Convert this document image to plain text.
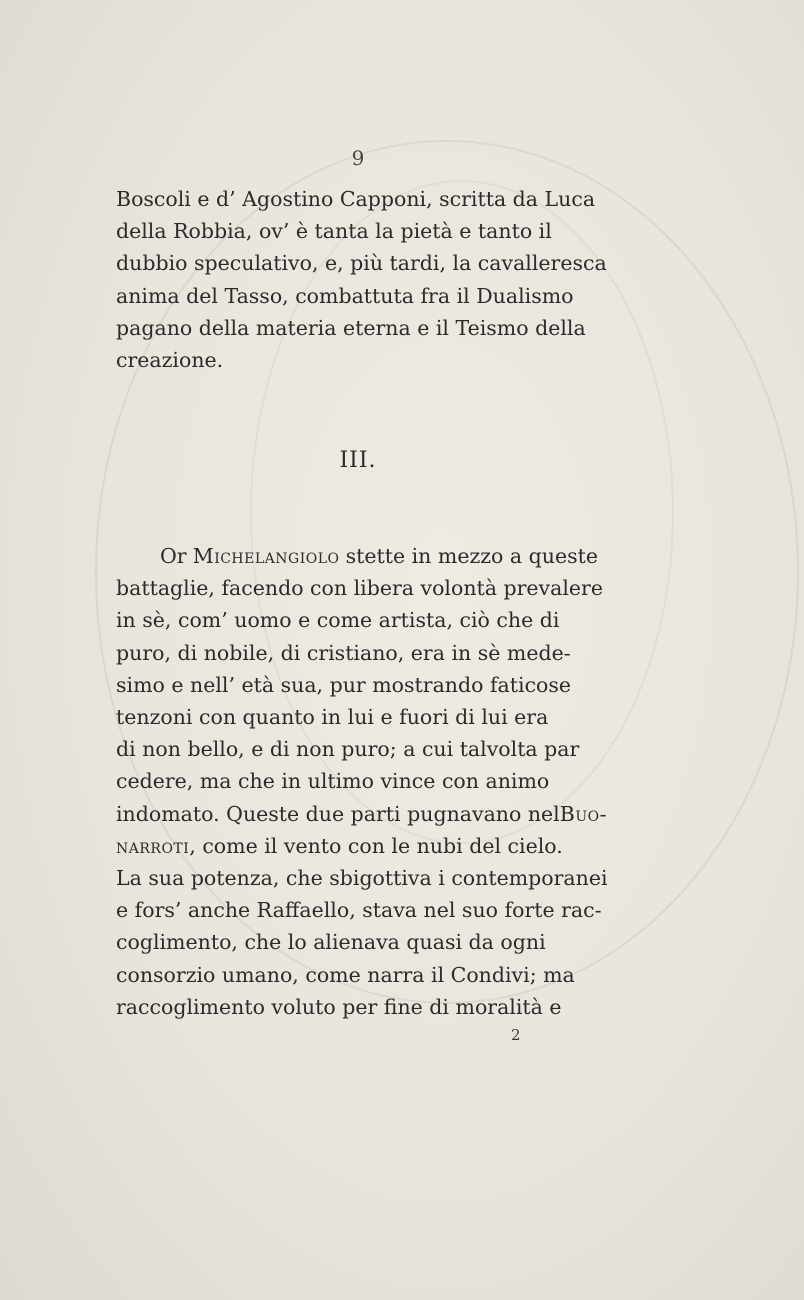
9
Boscoli e d’ Agostino Capponi, scritta da Luca
della Robbia, ov’ è tanta la pietà e tanto il
dubbio speculativo, e, più tardi, la cavalleresca
anima del Tasso, combattuta fra il Dualismo
pagano della materia eterna e il Teismo della
creazione.
III.
Or Michelangiolo stette in mezzo a queste
battaglie, facendo con libera volontà prevalere
in sè, com’ uomo e come artista, ciò che di
puro, di nobile, di cristiano, era in sè mede-
simo e nell’ età sua, pur mostrando faticose
tenzoni con quanto in lui e fuori di lui era
di non bello, e di non puro; a cui talvolta par
cedere, ma che in ultimo vince con animo
indomato. Queste due parti pugnavano nel Buo-
narroti , come il vento con le nubi del cielo.
La sua potenza, che sbigottiva i contemporanei
e fors’ anche Raffaello, stava nel suo forte rac-
coglimento, che lo alienava quasi da ogni
consorzio umano, come narra il Condivi; ma
raccoglimento voluto per fine di moralità e
2
